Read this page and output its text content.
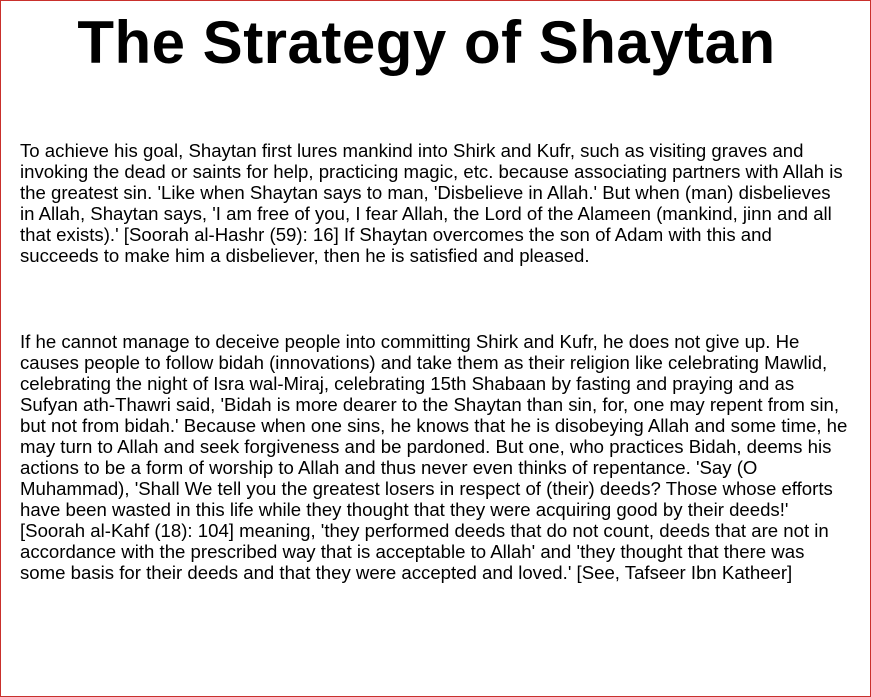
The Strategy of Shaytan

To achieve his goal, Shaytan first lures mankind into Shirk and Kufr, such as visiting graves and invoking the dead or saints for help, practicing magic, etc. because associating partners with Allah is the greatest sin. 'Like when Shaytan says to man, 'Disbelieve in Allah.' But when (man) disbelieves in Allah, Shaytan says, 'I am free of you, I fear Allah, the Lord of the Alameen (mankind, jinn and all that exists).' [Soorah al-Hashr (59): 16] If Shaytan overcomes the son of Adam with this and succeeds to make him a disbeliever, then he is satisfied and pleased.

If he cannot manage to deceive people into committing Shirk and Kufr, he does not give up. He causes people to follow bidah (innovations) and take them as their religion like celebrating Mawlid, celebrating the night of Isra wal-Miraj, celebrating 15th Shabaan by fasting and praying and as Sufyan ath-Thawri said, 'Bidah is more dearer to the Shaytan than sin, for, one may repent from sin, but not from bidah.' Because when one sins, he knows that he is disobeying Allah and some time, he may turn to Allah and seek forgiveness and be pardoned. But one, who practices Bidah, deems his actions to be a form of worship to Allah and thus never even thinks of repentance. 'Say (O Muhammad), 'Shall We tell you the greatest losers in respect of (their) deeds? Those whose efforts have been wasted in this life while they thought that they were acquiring good by their deeds!' [Soorah al-Kahf (18): 104] meaning, 'they performed deeds that do not count, deeds that are not in accordance with the prescribed way that is acceptable to Allah' and 'they thought that there was some basis for their deeds and that they were accepted and loved.' [See, Tafseer Ibn Katheer]
